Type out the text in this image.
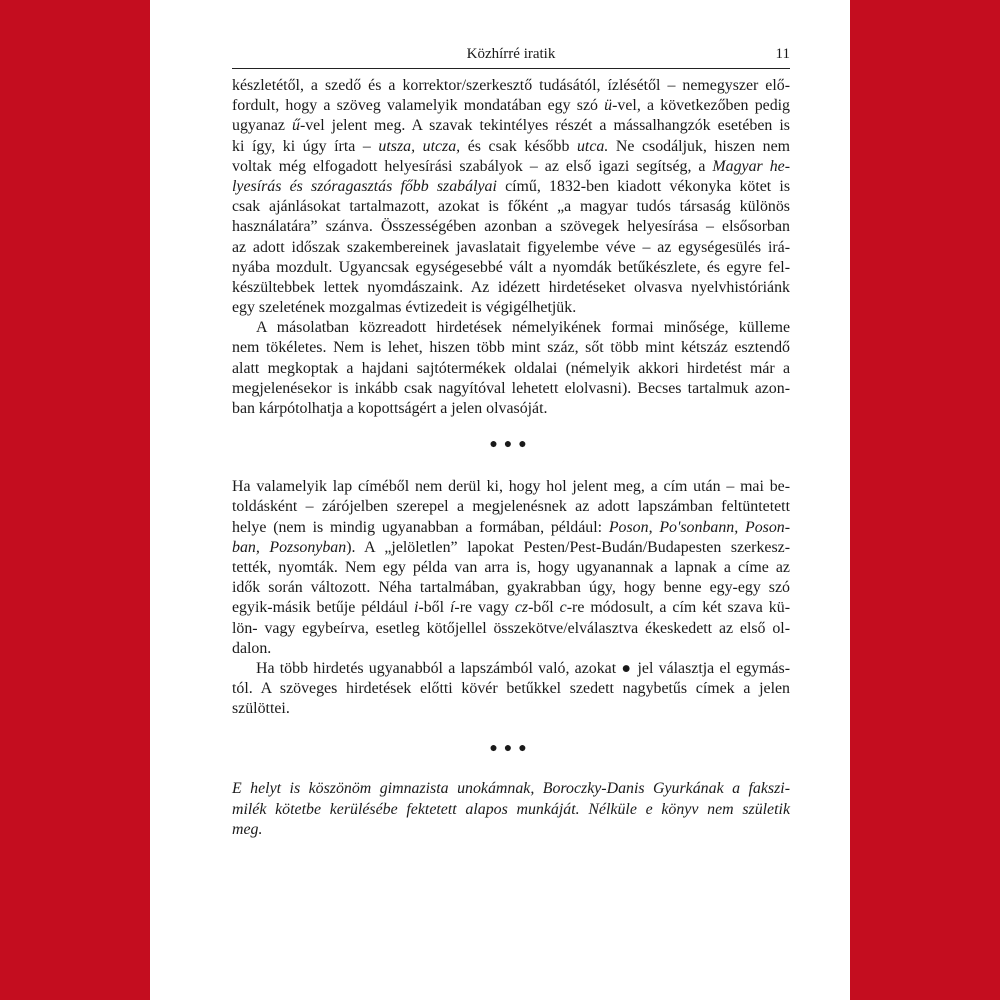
Közhírré iratik	11
készletétől, a szedő és a korrektor/szerkesztő tudásától, ízlésétől – nemegyszer elő-
fordult, hogy a szöveg valamelyik mondatában egy szó ü-vel, a következőben pedig
ugyanaz ű-vel jelent meg. A szavak tekintélyes részét a mássalhangzók esetében is
ki így, ki úgy írta – utsza, utcza, és csak később utca. Ne csodáljuk, hiszen nem
voltak még elfogadott helyesírási szabályok – az első igazi segítség, a Magyar he-
lyesírás és szóragasztás főbb szabályai című, 1832-ben kiadott vékonyka kötet is
csak ajánlásokat tartalmazott, azokat is főként „a magyar tudós társaság különös
használatára” szánva. Összességében azonban a szövegek helyesírása – elsősorban
az adott időszak szakembereinek javaslatait figyelembe véve – az egységesülés irá-
nyába mozdult. Ugyancsak egységesebbé vált a nyomdák betűkészlete, és egyre fel-
készültebbek lettek nyomdászaink. Az idézett hirdetéseket olvasva nyelvhistóriánk
egy szeletének mozgalmas évtizedeit is végigélhetjük.
A másolatban közreadott hirdetések némelyikének formai minősége, külleme
nem tökéletes. Nem is lehet, hiszen több mint száz, sőt több mint kétszáz esztendő
alatt megkoptak a hajdani sajtótermékek oldalai (némelyik akkori hirdetést már a
megjelenésekor is inkább csak nagyítóval lehetett elolvasni). Becses tartalmuk azon-
ban kárpótolhatja a kopottságért a jelen olvasóját.
●●●
Ha valamelyik lap címéből nem derül ki, hogy hol jelent meg, a cím után – mai be-
toldásként – zárójelben szerepel a megjelenésnek az adott lapszámban feltüntetett
helye (nem is mindig ugyanabban a formában, például: Poson, Po'sonbann, Poson-
ban, Pozsonyban). A „jelöletlen” lapokat Pesten/Pest-Budán/Budapesten szerkesz-
tették, nyomták. Nem egy példa van arra is, hogy ugyanannak a lapnak a címe az
idők során változott. Néha tartalmában, gyakrabban úgy, hogy benne egy-egy szó
egyik-másik betűje például i-ből í-re vagy cz-ből c-re módosult, a cím két szava kü-
lön- vagy egybeírva, esetleg kötőjellel összekötve/elválasztva ékeskedett az első ol-
dalon.
Ha több hirdetés ugyanabból a lapszámból való, azokat ● jel választja el egymás-
tól. A szöveges hirdetések előtti kövér betűkkel szedett nagybetűs címek a jelen
szülöttei.
●●●
E helyt is köszönöm gimnazista unokámnak, Boroczky-Danis Gyurkának a fakszi-
milék kötetbe kerülésébe fektetett alapos munkáját. Nélküle e könyv nem születik
meg.
